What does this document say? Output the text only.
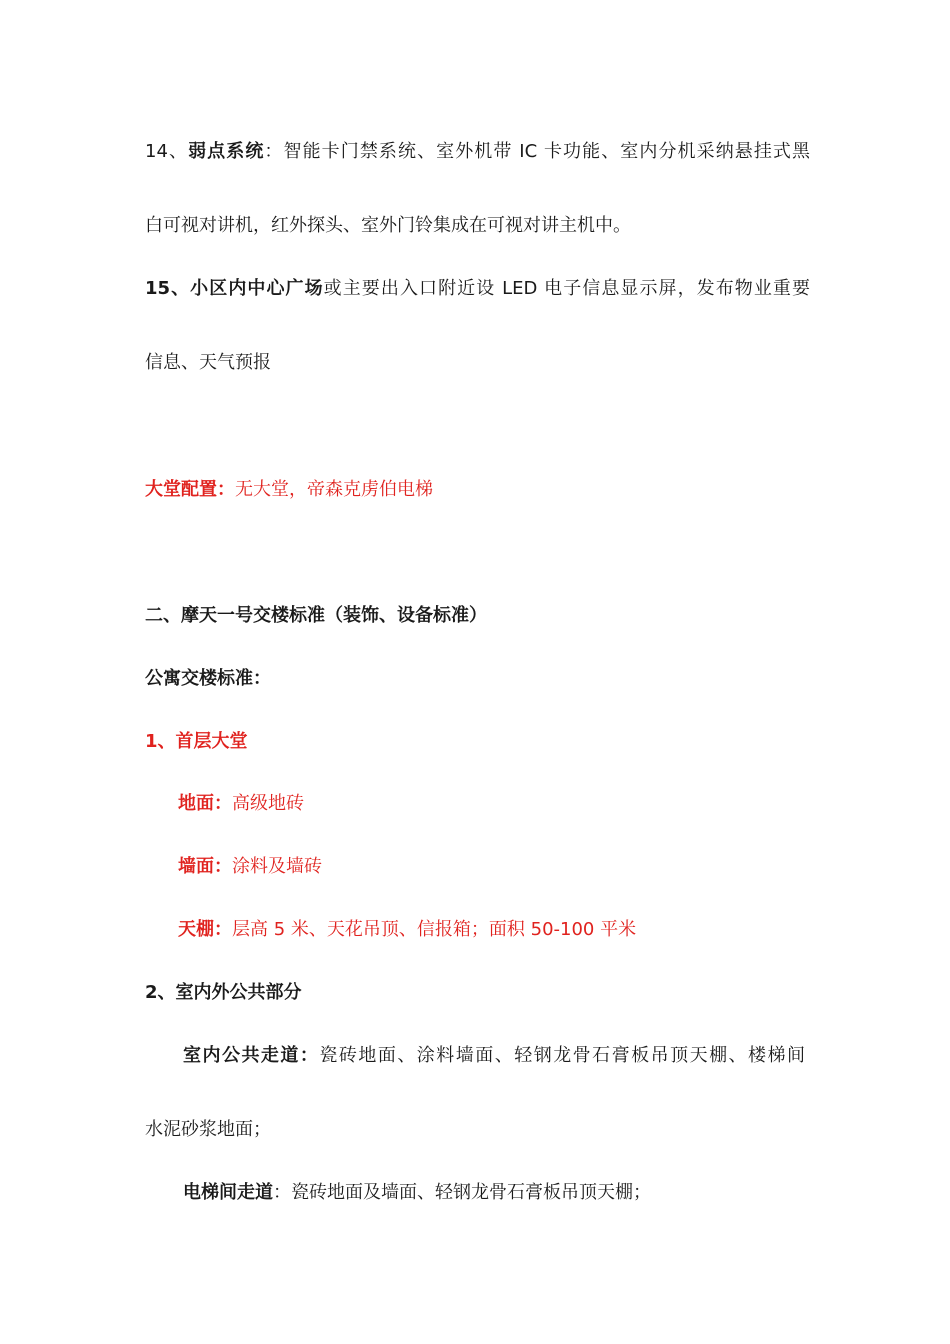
14、弱点系统：智能卡门禁系统、室外机带 IC 卡功能、室内分机采纳悬挂式黑
白可视对讲机，红外探头、室外门铃集成在可视对讲主机中。
15、小区内中心广场或主要出入口附近设 LED 电子信息显示屏，发布物业重要
信息、天气预报
大堂配置：无大堂，帝森克虏伯电梯
二、摩天一号交楼标准（装饰、设备标准）
公寓交楼标准：
1、首层大堂
地面：高级地砖
墙面：涂料及墙砖
天棚：层高 5 米、天花吊顶、信报箱；面积 50-100 平米
2、室内外公共部分
室内公共走道：瓷砖地面、涂料墙面、轻钢龙骨石膏板吊顶天棚、楼梯间
水泥砂浆地面；
电梯间走道：瓷砖地面及墙面、轻钢龙骨石膏板吊顶天棚；
